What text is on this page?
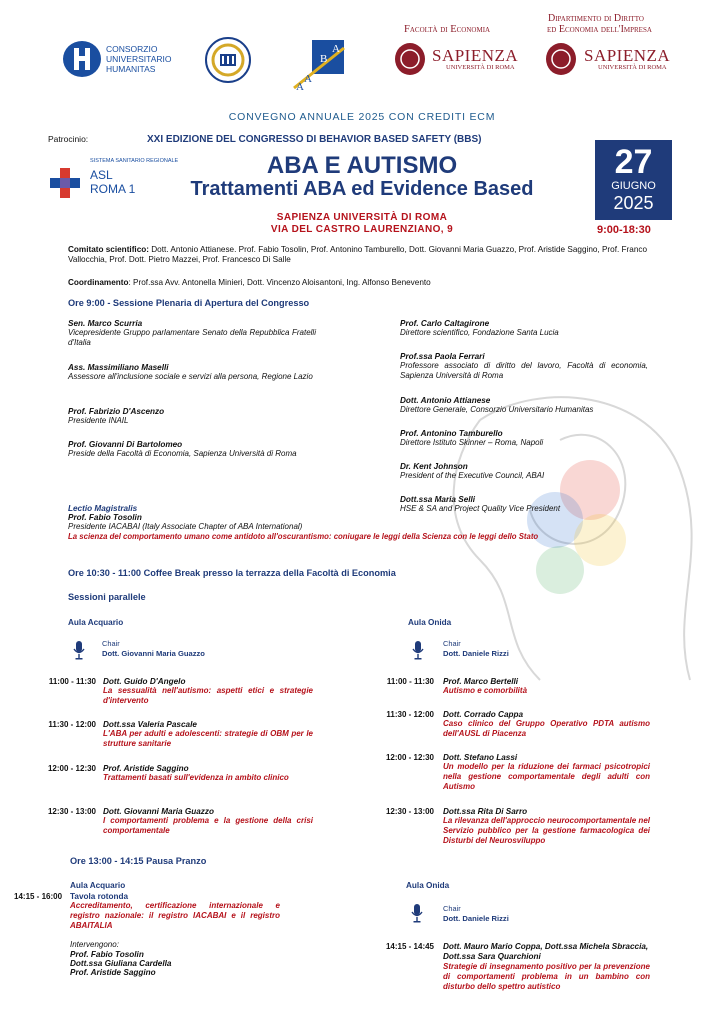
CONSORZIO
UNIVERSITARIO
HUMANITAS
A
A
B
A
Facoltà di Economia
SAPIENZA
UNIVERSITÀ DI ROMA
Dipartimento di Diritto
ed Economia dell'Impresa
SAPIENZA
UNIVERSITÀ DI ROMA
CONVEGNO ANNUALE 2025 CON CREDITI ECM
Patrocinio:	XXI EDIZIONE DEL CONGRESSO DI BEHAVIOR BASED SAFETY (BBS)
SISTEMA SANITARIO REGIONALE
ASL
ROMA 1
ABA E AUTISMO
Trattamenti ABA ed Evidence Based
SAPIENZA UNIVERSITÀ DI ROMA
VIA DEL CASTRO LAURENZIANO, 9
27
GIUGNO
2025
9:00-18:30
Comitato scientifico: Dott. Antonio Attianese. Prof. Fabio Tosolin, Prof. Antonino Tamburello, Dott. Giovanni Maria Guazzo, Prof. Aristide Saggino, Prof. Franco Vallocchia, Prof. Dott. Pietro Mazzei, Prof. Francesco Di Salle
Coordinamento: Prof.ssa Avv. Antonella Minieri, Dott. Vincenzo Aloisantoni, Ing. Alfonso Benevento
Ore 9:00 - Sessione Plenaria di Apertura del Congresso
Sen. Marco Scurria
Vicepresidente Gruppo parlamentare Senato della Repubblica Fratelli d'Italia
Ass. Massimiliano Maselli
Assessore all'inclusione sociale e servizi alla persona, Regione Lazio
Prof. Fabrizio D'Ascenzo
Presidente INAIL
Prof. Giovanni Di Bartolomeo
Preside della Facoltà di Economia, Sapienza Università di Roma
Prof. Carlo Caltagirone
Direttore scientifico, Fondazione Santa Lucia
Prof.ssa Paola Ferrari
Professore associato di diritto del lavoro, Facoltà di economia, Sapienza Università di Roma
Dott. Antonio Attianese
Direttore Generale, Consorzio Universitario Humanitas
Prof. Antonino Tamburello
Direttore Istituto Skinner – Roma, Napoli
Dr. Kent Johnson
President of the Executive Council, ABAI
Dott.ssa Maria Selli
HSE & SA and Project Quality Vice President
Lectio Magistralis
Prof. Fabio Tosolin
Presidente IACABAI (Italy Associate Chapter of ABA International)
La scienza del comportamento umano come antidoto all'oscurantismo: coniugare le leggi della Scienza con le leggi dello Stato
Ore 10:30 - 11:00 Coffee Break presso la terrazza della Facoltà di Economia
Sessioni parallele
Aula Acquario
Chair
Dott. Giovanni Maria Guazzo
11:00 - 11:30 Dott. Guido D'Angelo
La sessualità nell'autismo: aspetti etici e strategie d'intervento
11:30 - 12:00 Dott.ssa Valeria Pascale
L'ABA per adulti e adolescenti: strategie di OBM per le strutture sanitarie
12:00 - 12:30 Prof. Aristide Saggino
Trattamenti basati sull'evidenza in ambito clinico
12:30 - 13:00 Dott. Giovanni Maria Guazzo
I comportamenti problema e la gestione della crisi comportamentale
Aula Onida
Chair
Dott. Daniele Rizzi
11:00 - 11:30 Prof. Marco Bertelli
Autismo e comorbilità
11:30 - 12:00 Dott. Corrado Cappa
Caso clinico del Gruppo Operativo PDTA autismo dell'AUSL di Piacenza
12:00 - 12:30 Dott. Stefano Lassi
Un modello per la riduzione dei farmaci psicotropici nella gestione comportamentale degli adulti con Autismo
12:30 - 13:00 Dott.ssa Rita Di Sarro
La rilevanza dell'approccio neurocomportamentale nel Servizio pubblico per la gestione farmacologica dei Disturbi del Neurosviluppo
Ore 13:00 - 14:15 Pausa Pranzo
Aula Acquario
14:15 - 16:00 Tavola rotonda
Accreditamento, certificazione internazionale e registro nazionale: il registro IACABAI e il registro ABAITALIA
Intervengono:
Prof. Fabio Tosolin
Dott.ssa Giuliana Cardella
Prof. Aristide Saggino
Aula Onida
Chair
Dott. Daniele Rizzi
14:15 - 14:45 Dott. Mauro Mario Coppa, Dott.ssa Michela Sbraccia, Dott.ssa Sara Quarchioni
Strategie di insegnamento positivo per la prevenzione di comportamenti problema in un bambino con disturbo dello spettro autistico
